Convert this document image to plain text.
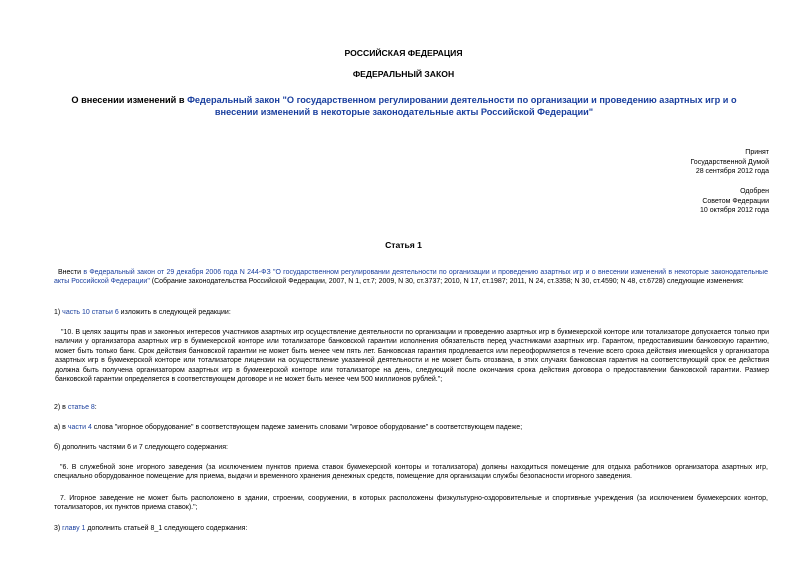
РОССИЙСКАЯ ФЕДЕРАЦИЯ
ФЕДЕРАЛЬНЫЙ ЗАКОН
О внесении изменений в Федеральный закон "О государственном регулировании деятельности по организации и проведению азартных игр и о внесении изменений в некоторые законодательные акты Российской Федерации"
Принят
Государственной Думой
28 сентября 2012 года
Одобрен
Советом Федерации
10 октября 2012 года
Статья 1

Внести в Федеральный закон от 29 декабря 2006 года N 244-ФЗ "О государственном регулировании деятельности по организации и проведению азартных игр и о внесении изменений в некоторые законодательные акты Российской Федерации" (Собрание законодательства Российской Федерации, 2007, N 1, ст.7; 2009, N 30, ст.3737; 2010, N 17, ст.1987; 2011, N 24, ст.3358; N 30, ст.4590; N 48, ст.6728) следующие изменения:

1) часть 10 статьи 6 изложить в следующей редакции:

"10. В целях защиты прав и законных интересов участников азартных игр осуществление деятельности по организации и проведению азартных игр в букмекерской конторе или тотализаторе допускается только при наличии у организатора азартных игр в букмекерской конторе или тотализаторе банковской гарантии исполнения обязательств перед участниками азартных игр. Гарантом, предоставившим банковскую гарантию, может быть только банк. Срок действия банковской гарантии не может быть менее чем пять лет. Банковская гарантия продлевается или переоформляется в течение всего срока действия имеющейся у организатора азартных игр в букмекерской конторе или тотализаторе лицензии на осуществление указанной деятельности и не может быть отозвана, в этих случаях банковская гарантия на соответствующий срок ее действия должна быть получена организатором азартных игр в букмекерской конторе или тотализаторе на день, следующий после окончания срока действия договора о предоставлении банковской гарантии. Размер банковской гарантии определяется в соответствующем договоре и не может быть менее чем 500 миллионов рублей.";

2) в статье 8:

а) в части 4 слова "игорное оборудование" в соответствующем падеже заменить словами "игровое оборудование" в соответствующем падеже;

б) дополнить частями 6 и 7 следующего содержания:

"6. В служебной зоне игорного заведения (за исключением пунктов приема ставок букмекерской конторы и тотализатора) должны находиться помещение для отдыха работников организатора азартных игр, специально оборудованное помещение для приема, выдачи и временного хранения денежных средств, помещение для организации службы безопасности игорного заведения.

7. Игорное заведение не может быть расположено в здании, строении, сооружении, в которых расположены физкультурно-оздоровительные и спортивные учреждения (за исключением букмекерских контор, тотализаторов, их пунктов приема ставок).";

3) главу 1 дополнить статьей 8_1 следующего содержания:
